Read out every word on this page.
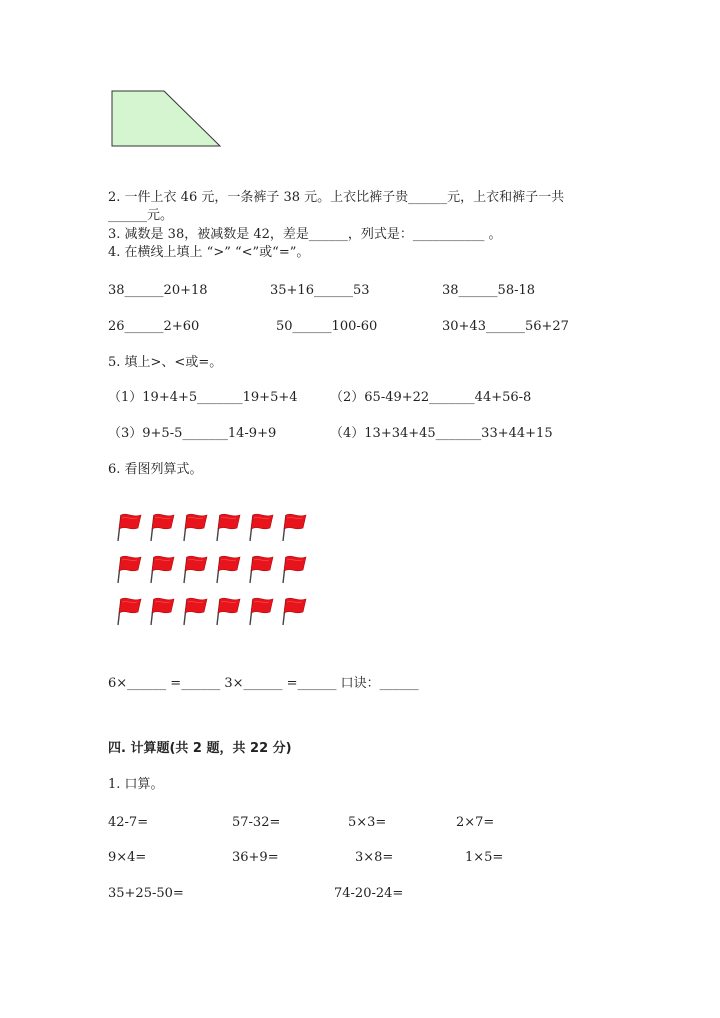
2. 一件上衣 46 元，一条裤子 38 元。上衣比裤子贵______元，上衣和裤子一共
______元。
3. 减数是 38，被减数是 42，差是______，列式是：___________ 。
4. 在横线上填上 “>” “<”或“=”。
38______20+18	35+16______53	38______58-18
26______2+60	50______100-60	30+43______56+27
5. 填上>、<或=。
（1）19+4+5_______19+5+4 （2）65-49+22_______44+56-8
（3）9+5-5_______14-9+9	（4）13+34+45_______33+44+15
6. 看图列算式。
6×______ =______ 3×______ =______ 口诀：______
四. 计算题(共 2 题，共 22 分)
1. 口算。
42-7=	57-32=	5×3=	2×7=
9×4=	36+9=	3×8=	1×5=
35+25-50=	74-20-24=
